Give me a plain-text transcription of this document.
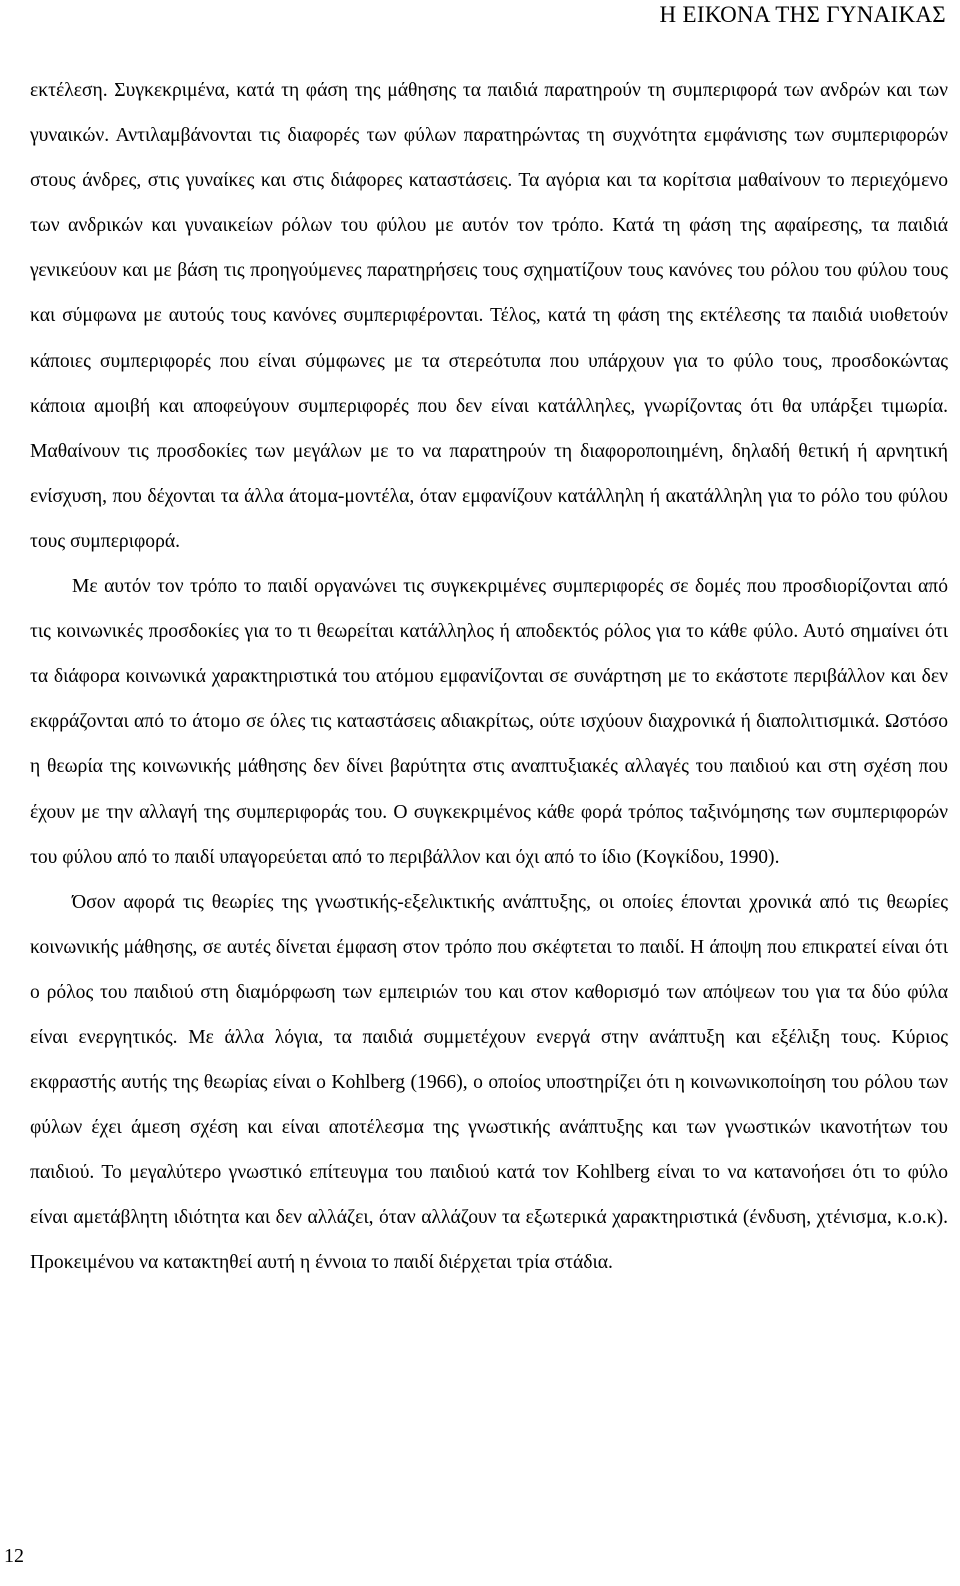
Η ΕΙΚΟΝΑ ΤΗΣ ΓΥΝΑΙΚΑΣ

εκτέλεση. Συγκεκριμένα, κατά τη φάση της μάθησης τα παιδιά παρατηρούν τη συμπεριφορά των ανδρών και των γυναικών. Αντιλαμβάνονται τις διαφορές των φύλων παρατηρώντας τη συχνότητα εμφάνισης των συμπεριφορών στους άνδρες, στις γυναίκες και στις διάφορες καταστάσεις. Τα αγόρια και τα κορίτσια μαθαίνουν το περιεχόμενο των ανδρικών και γυναικείων ρόλων του φύλου με αυτόν τον τρόπο. Κατά τη φάση της αφαίρεσης, τα παιδιά γενικεύουν και με βάση τις προηγούμενες παρατηρήσεις τους σχηματίζουν τους κανόνες του ρόλου του φύλου τους και σύμφωνα με αυτούς τους κανόνες συμπεριφέρονται. Τέλος, κατά τη φάση της εκτέλεσης τα παιδιά υιοθετούν κάποιες συμπεριφορές που είναι σύμφωνες με τα στερεότυπα που υπάρχουν για το φύλο τους, προσδοκώντας κάποια αμοιβή και αποφεύγουν συμπεριφορές που δεν είναι κατάλληλες, γνωρίζοντας ότι θα υπάρξει τιμωρία. Μαθαίνουν τις προσδοκίες των μεγάλων με το να παρατηρούν τη διαφοροποιημένη, δηλαδή θετική ή αρνητική ενίσχυση, που δέχονται τα άλλα άτομα-μοντέλα, όταν εμφανίζουν κατάλληλη ή ακατάλληλη για το ρόλο του φύλου τους συμπεριφορά.

Με αυτόν τον τρόπο το παιδί οργανώνει τις συγκεκριμένες συμπεριφορές σε δομές που προσδιορίζονται από τις κοινωνικές προσδοκίες για το τι θεωρείται κατάλληλος ή αποδεκτός ρόλος για το κάθε φύλο. Αυτό σημαίνει ότι τα διάφορα κοινωνικά χαρακτηριστικά του ατόμου εμφανίζονται σε συνάρτηση με το εκάστοτε περιβάλλον και δεν εκφράζονται από το άτομο σε όλες τις καταστάσεις αδιακρίτως, ούτε ισχύουν διαχρονικά ή διαπολιτισμικά. Ωστόσο η θεωρία της κοινωνικής μάθησης δεν δίνει βαρύτητα στις αναπτυξιακές αλλαγές του παιδιού και στη σχέση που έχουν με την αλλαγή της συμπεριφοράς του. Ο συγκεκριμένος κάθε φορά τρόπος ταξινόμησης των συμπεριφορών του φύλου από το παιδί υπαγορεύεται από το περιβάλλον και όχι από το ίδιο (Κογκίδου, 1990).

Όσον αφορά τις θεωρίες της γνωστικής-εξελικτικής ανάπτυξης, οι οποίες έπονται χρονικά από τις θεωρίες κοινωνικής μάθησης, σε αυτές δίνεται έμφαση στον τρόπο που σκέφτεται το παιδί. Η άποψη που επικρατεί είναι ότι ο ρόλος του παιδιού στη διαμόρφωση των εμπειριών του και στον καθορισμό των απόψεων του για τα δύο φύλα είναι ενεργητικός. Με άλλα λόγια, τα παιδιά συμμετέχουν ενεργά στην ανάπτυξη και εξέλιξη τους. Κύριος εκφραστής αυτής της θεωρίας είναι ο Kohlberg (1966), ο οποίος υποστηρίζει ότι η κοινωνικοποίηση του ρόλου των φύλων έχει άμεση σχέση και είναι αποτέλεσμα της γνωστικής ανάπτυξης και των γνωστικών ικανοτήτων του παιδιού. Το μεγαλύτερο γνωστικό επίτευγμα του παιδιού κατά τον Kohlberg είναι το να κατανοήσει ότι το φύλο είναι αμετάβλητη ιδιότητα και δεν αλλάζει, όταν αλλάζουν τα εξωτερικά χαρακτηριστικά (ένδυση, χτένισμα, κ.ο.κ). Προκειμένου να κατακτηθεί αυτή η έννοια το παιδί διέρχεται τρία στάδια.

12
